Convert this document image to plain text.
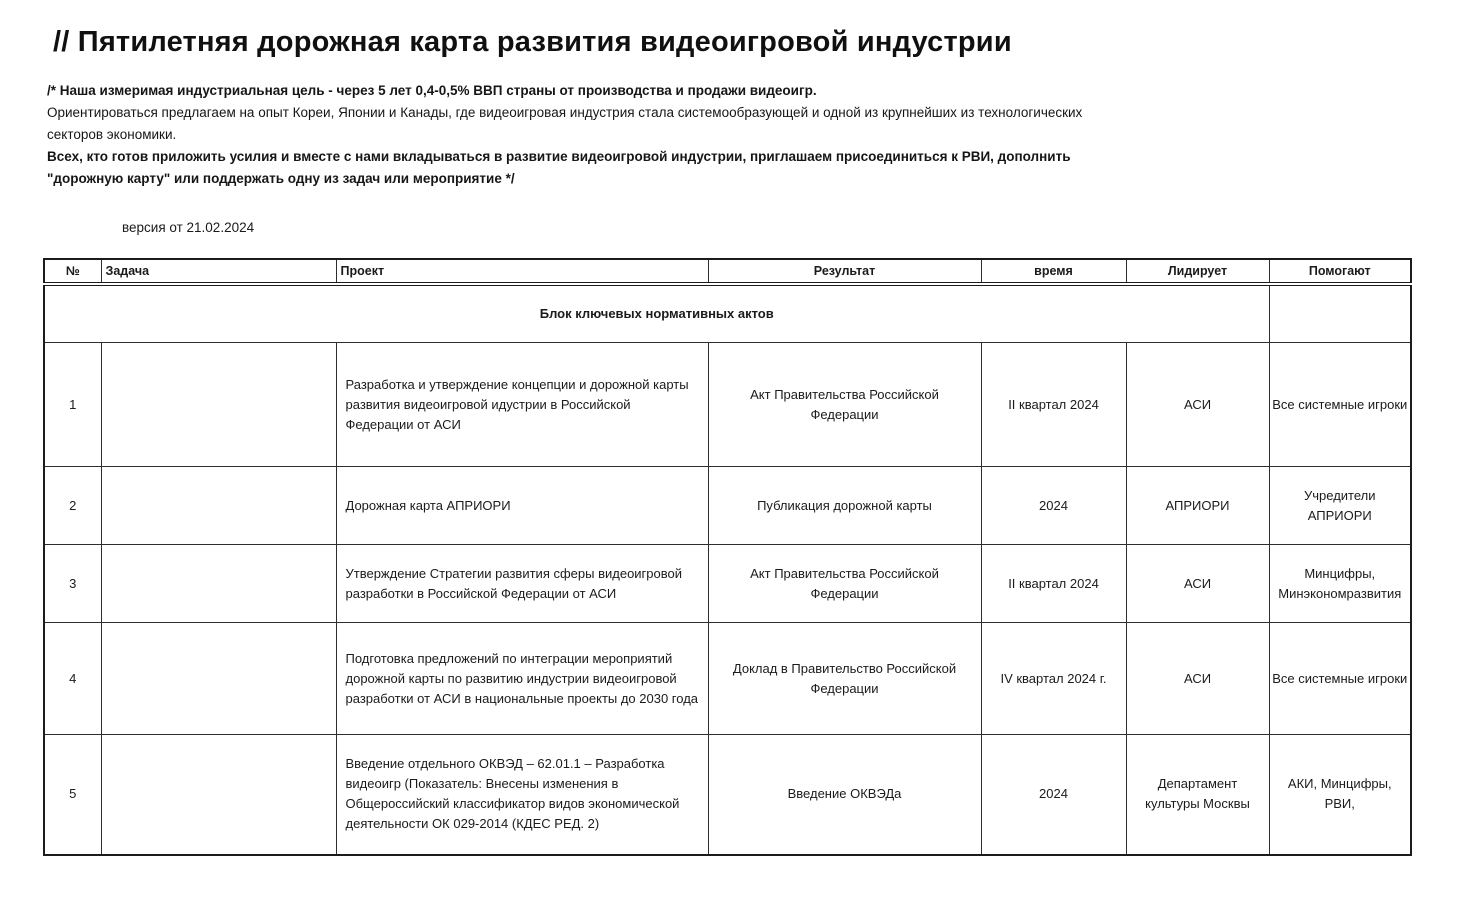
// Пятилетняя дорожная карта развития видеоигровой индустрии
/* Наша измеримая индустриальная цель - через 5 лет 0,4-0,5% ВВП страны от производства и продажи видеоигр.
Ориентироваться предлагаем на опыт Кореи, Японии и Канады, где видеоигровая индустрия стала системообразующей и одной из крупнейших из технологических
секторов экономики.
Всех, кто готов приложить усилия и вместе с нами вкладываться в развитие видеоигровой индустрии, приглашаем присоединиться к РВИ, дополнить
"дорожную карту" или поддержать одну из задач или мероприятие */
версия от 21.02.2024
№	Задача	Проект	Результат	время	Лидирует	Помогают
Блок ключевых нормативных актов						
1		Разработка и утверждение концепции и дорожной карты развития видеоигровой идустрии в Российской Федерации от АСИ	Акт Правительства Российской Федерации	II квартал 2024	АСИ	Все системные игроки
2		Дорожная карта АПРИОРИ	Публикация дорожной карты	2024	АПРИОРИ	Учредители АПРИОРИ
3		Утверждение Стратегии развития сферы видеоигровой разработки в Российской Федерации от АСИ	Акт Правительства Российской Федерации	II квартал 2024	АСИ	Минцифры, Минэкономразвития
4		Подготовка предложений по интеграции мероприятий дорожной карты по развитию индустрии видеоигровой разработки от АСИ в национальные проекты до 2030 года	Доклад в Правительство Российской Федерации	IV квартал 2024 г.	АСИ	Все системные игроки
5		Введение отдельного ОКВЭД – 62.01.1 – Разработка видеоигр (Показатель: Внесены изменения в Общероссийский классификатор видов экономической деятельности ОК 029-2014 (КДЕС РЕД. 2)	Введение ОКВЭДа	2024	Департамент культуры Москвы	АКИ, Минцифры, РВИ,
